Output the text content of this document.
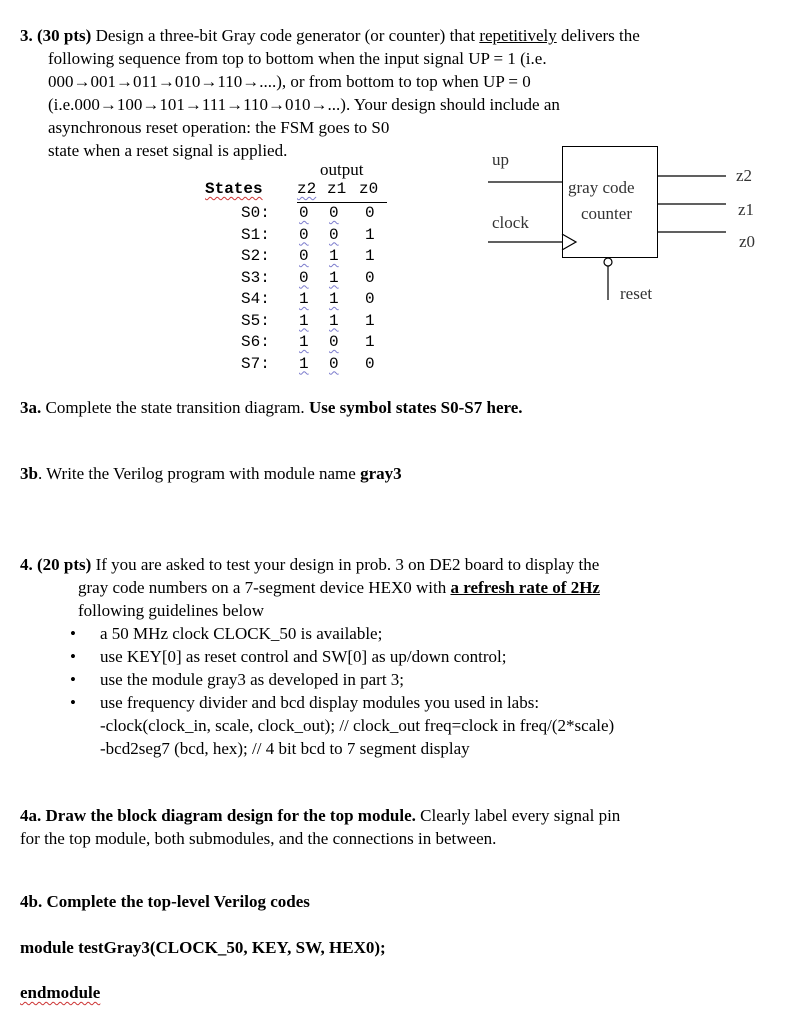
3. (30 pts) Design a three-bit Gray code generator (or counter) that repetitively delivers the
following sequence from top to bottom when the input signal UP = 1 (i.e.
000→001→011→010→110→....), or from bottom to top when UP = 0
(i.e.000→100→101→111→110→010→...). Your design should include an
asynchronous reset operation: the FSM goes to S0
state when a reset signal is applied.
output
States z2 z1 z0
S0: 0 0 0
S1: 0 0 1
S2: 0 1 1
S3: 0 1 0
S4: 1 1 0
S5: 1 1 1
S6: 1 0 1
S7: 1 0 0
up
clock
gray code
counter
z2
z1
z0
reset
3a. Complete the state transition diagram. Use symbol states S0-S7 here.
3b. Write the Verilog program with module name gray3
4. (20 pts) If you are asked to test your design in prob. 3 on DE2 board to display the
gray code numbers on a 7-segment device HEX0 with a refresh rate of 2Hz
following guidelines below
• a 50 MHz clock CLOCK_50 is available;
• use KEY[0] as reset control and SW[0] as up/down control;
• use the module gray3 as developed in part 3;
• use frequency divider and bcd display modules you used in labs:
-clock(clock_in, scale, clock_out); // clock_out freq=clock in freq/(2*scale)
-bcd2seg7 (bcd, hex); // 4 bit bcd to 7 segment display
4a. Draw the block diagram design for the top module. Clearly label every signal pin
for the top module, both submodules, and the connections in between.
4b. Complete the top-level Verilog codes
module testGray3(CLOCK_50, KEY, SW, HEX0);
endmodule
